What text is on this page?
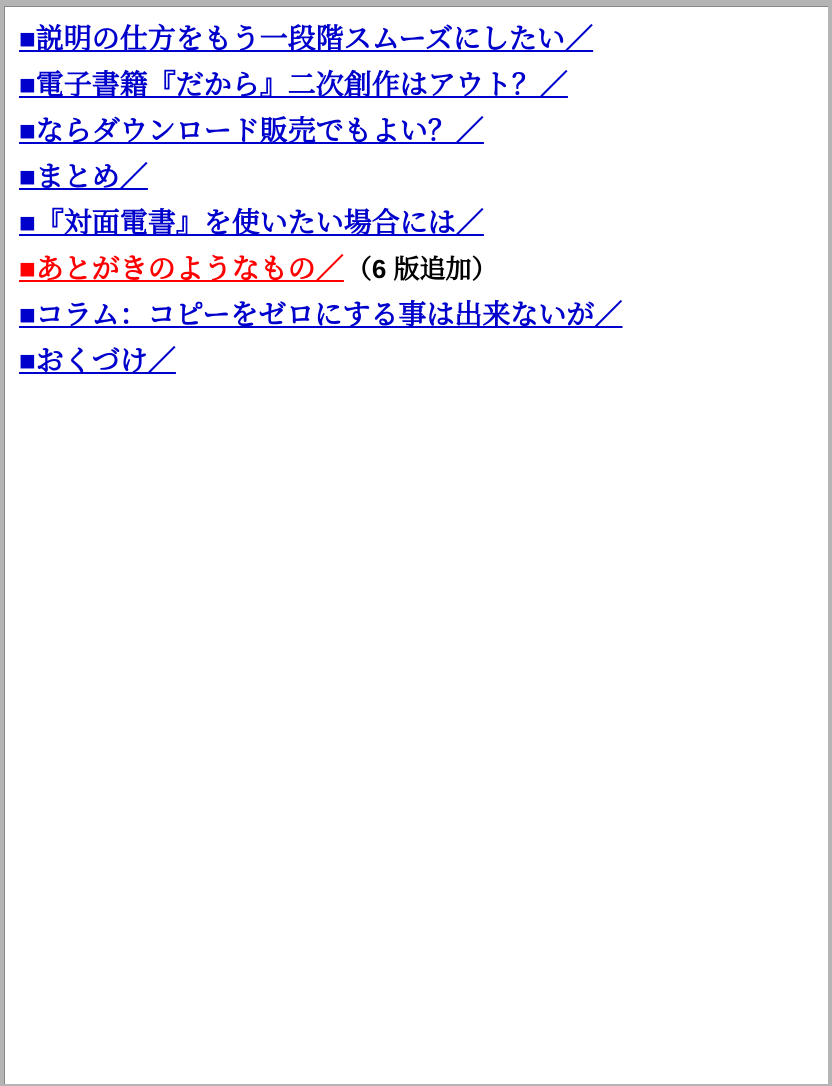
■説明の仕方をもう一段階スムーズにしたい／
■電子書籍『だから』二次創作はアウト？／
■ならダウンロード販売でもよい？／
■まとめ／
■『対面電書』を使いたい場合には／
■あとがきのようなもの／（6 版追加）
■コラム：コピーをゼロにする事は出来ないが／
■おくづけ／
